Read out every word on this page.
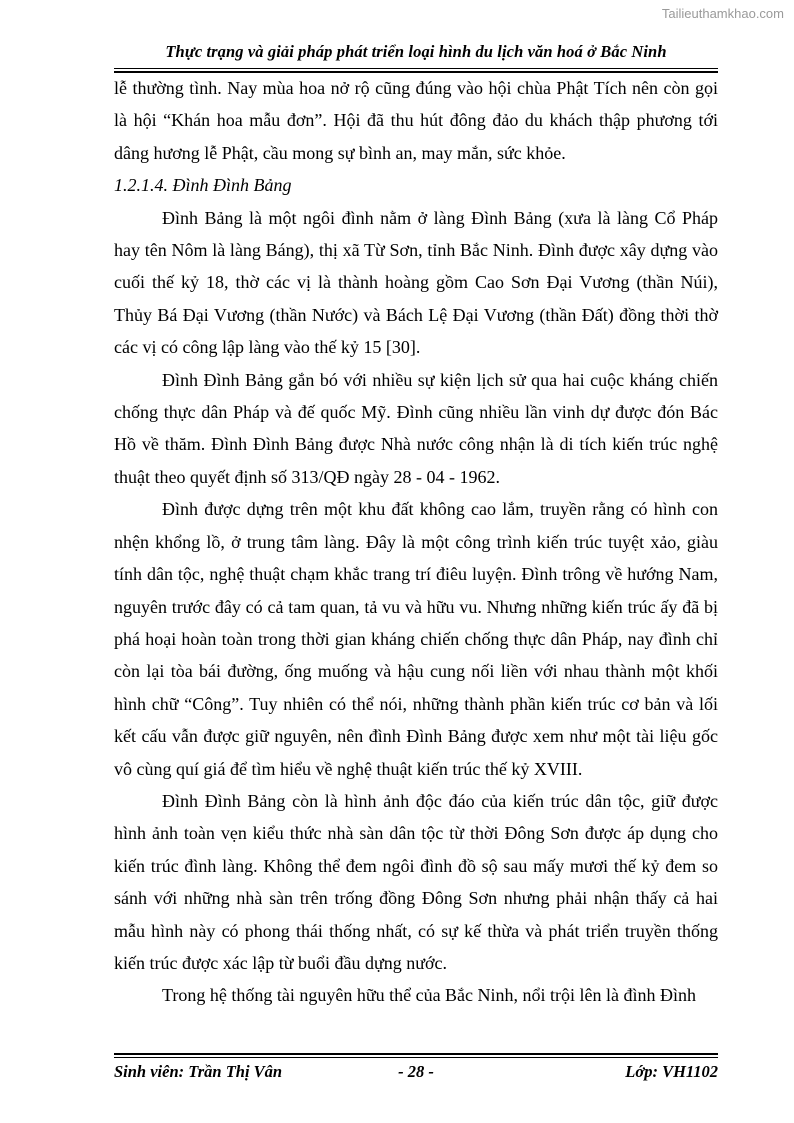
Tailieuthamkhao.com
Thực trạng và giải pháp phát triển loại hình du lịch văn hoá ở Bắc Ninh

lễ thường tình. Nay mùa hoa nở rộ cũng đúng vào hội chùa Phật Tích nên còn gọi là hội “Khán hoa mẫu đơn”. Hội đã thu hút đông đảo du khách thập phương tới dâng hương lễ Phật, cầu mong sự bình an, may mắn, sức khỏe.

1.2.1.4. Đình Đình Bảng

Đình Bảng là một ngôi đình nằm ở làng Đình Bảng (xưa là làng Cổ Pháp hay tên Nôm là làng Báng), thị xã Từ Sơn, tỉnh Bắc Ninh. Đình được xây dựng vào cuối thế kỷ 18, thờ các vị là thành hoàng gồm Cao Sơn Đại Vương (thần Núi), Thủy Bá Đại Vương (thần Nước) và Bách Lệ Đại Vương (thần Đất) đồng thời thờ các vị có công lập làng vào thế kỷ 15 [30].

Đình Đình Bảng gắn bó với nhiều sự kiện lịch sử qua hai cuộc kháng chiến chống thực dân Pháp và đế quốc Mỹ. Đình cũng nhiều lần vinh dự được đón Bác Hồ về thăm. Đình Đình Bảng được Nhà nước công nhận là di tích kiến trúc nghệ thuật theo quyết định số 313/QĐ ngày 28 - 04 - 1962.

Đình được dựng trên một khu đất không cao lắm, truyền rằng có hình con nhện khổng lồ, ở trung tâm làng. Đây là một công trình kiến trúc tuyệt xảo, giàu tính dân tộc, nghệ thuật chạm khắc trang trí điêu luyện. Đình trông về hướng Nam, nguyên trước đây có cả tam quan, tả vu và hữu vu. Nhưng những kiến trúc ấy đã bị phá hoại hoàn toàn trong thời gian kháng chiến chống thực dân Pháp, nay đình chỉ còn lại tòa bái đường, ống muống và hậu cung nối liền với nhau thành một khối hình chữ “Công”. Tuy nhiên có thể nói, những thành phần kiến trúc cơ bản và lối kết cấu vẫn được giữ nguyên, nên đình Đình Bảng được xem như một tài liệu gốc vô cùng quí giá để tìm hiểu về nghệ thuật kiến trúc thế kỷ XVIII.

Đình Đình Bảng còn là hình ảnh độc đáo của kiến trúc dân tộc, giữ được hình ảnh toàn vẹn kiểu thức nhà sàn dân tộc từ thời Đông Sơn được áp dụng cho kiến trúc đình làng. Không thể đem ngôi đình đồ sộ sau mấy mươi thế kỷ đem so sánh với những nhà sàn trên trống đồng Đông Sơn nhưng phải nhận thấy cả hai mẫu hình này có phong thái thống nhất, có sự kế thừa và phát triển truyền thống kiến trúc được xác lập từ buổi đầu dựng nước.

Trong hệ thống tài nguyên hữu thể của Bắc Ninh, nổi trội lên là đình Đình

Sinh viên: Trần Thị Vân	- 28 -	Lớp: VH1102
